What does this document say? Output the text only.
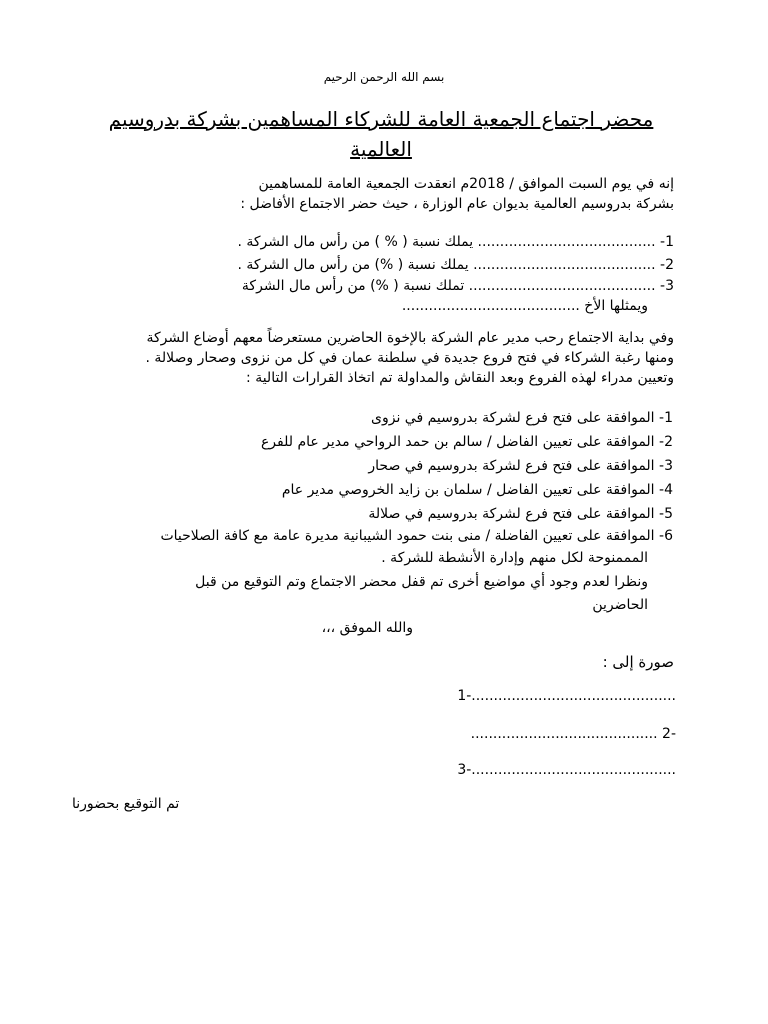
بسم الله الرحمن الرحيم
محضر اجتماع الجمعية العامة للشركاء المساهمين بشركة بدروسيم العالمية
إنه في يوم السبت الموافق / 2018م انعقدت الجمعية العامة للمساهمين
بشركة بدروسيم العالمية بديوان عام الوزارة ، حيث حضر الاجتماع الأفاضل :
1- ........................................ يملك نسبة ( % ) من رأس مال الشركة .
2- ......................................... يملك نسبة ( %) من رأس مال الشركة .
3- .......................................... تملك نسبة ( %) من رأس مال الشركة
ويمثلها الأخ ........................................
وفي بداية الاجتماع رحب مدير عام الشركة بالإخوة الحاضرين مستعرضاً معهم أوضاع الشركة
ومنها رغبة الشركاء في فتح فروع جديدة في سلطنة عمان في كل من نزوى وصحار وصلالة .
وتعيين مدراء لهذه الفروع وبعد النقاش والمداولة تم اتخاذ القرارات التالية :
1- الموافقة على فتح فرع لشركة بدروسيم في نزوى
2- الموافقة على تعيين الفاضل / سالم بن حمد الرواحي مدير عام للفرع
3- الموافقة على فتح فرع لشركة بدروسيم في صحار
4- الموافقة على تعيين الفاضل / سلمان بن زايد الخروصي مدير عام
5- الموافقة على فتح فرع لشركة بدروسيم في صلالة
6- الموافقة على تعيين الفاضلة / منى بنت حمود الشيبانية مديرة عامة مع كافة الصلاحيات
المممنوحة لكل منهم وإدارة الأنشطة للشركة .
ونظرا لعدم وجود أي مواضيع أخرى تم قفل محضر الاجتماع وتم التوقيع من قبل
الحاضرين
والله الموفق ،،،
صورة إلى :
..............................................-1
-2 ..........................................
..............................................-3
تم التوقيع بحضورنا
